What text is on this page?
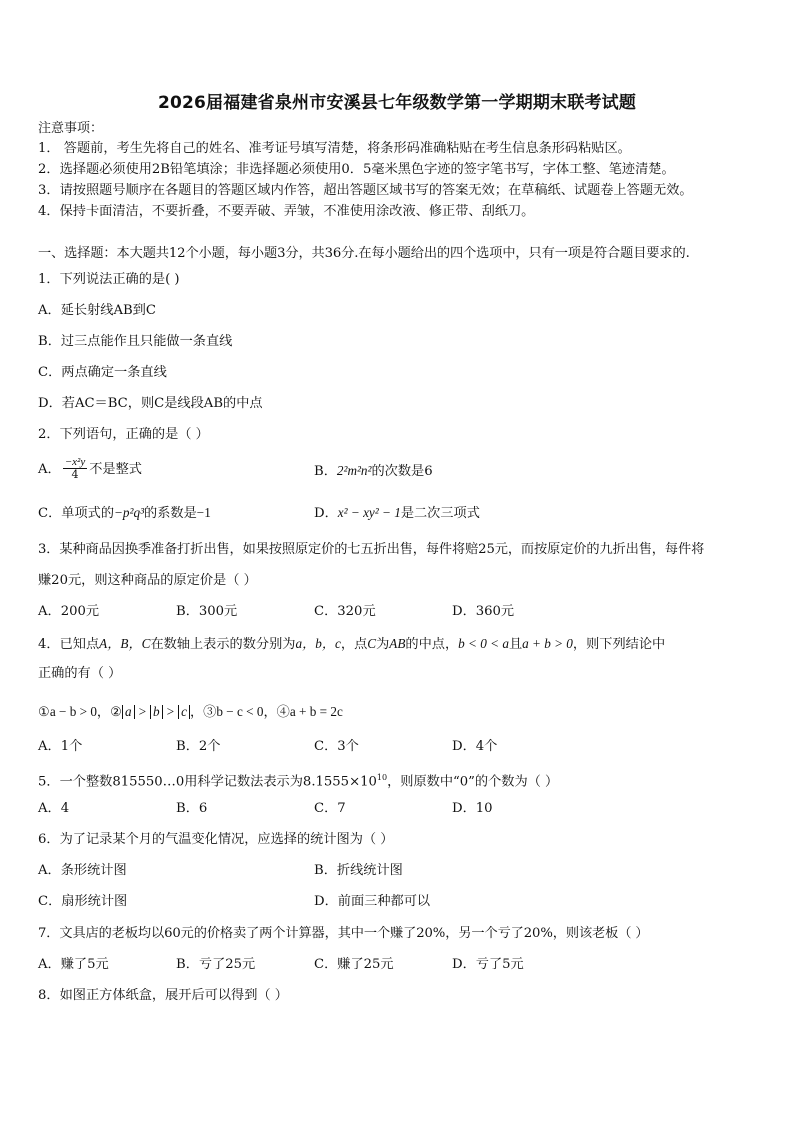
2026届福建省泉州市安溪县七年级数学第一学期期末联考试题
注意事项：
1． 答题前，考生先将自己的姓名、准考证号填写清楚，将条形码准确粘贴在考生信息条形码粘贴区。
2．选择题必须使用2B铅笔填涂；非选择题必须使用0．5毫米黑色字迹的签字笔书写，字体工整、笔迹清楚。
3．请按照题号顺序在各题目的答题区域内作答，超出答题区域书写的答案无效；在草稿纸、试题卷上答题无效。
4．保持卡面清洁，不要折叠，不要弄破、弄皱，不准使用涂改液、修正带、刮纸刀。
一、选择题：本大题共12个小题，每小题3分，共36分.在每小题给出的四个选项中，只有一项是符合题目要求的.
1．下列说法正确的是( )
A．延长射线AB到C
B．过三点能作且只能做一条直线
C．两点确定一条直线
D．若AC＝BC，则C是线段AB的中点
2．下列语句，正确的是（ ）
A． $\frac{\text{−x²y}}{4}$ 不是整式	B．2²m²n²的次数是6
C．单项式的−p²q³的系数是−1	D．x² − xy² − 1是二次三项式
3．某种商品因换季准备打折出售，如果按照原定价的七五折出售，每件将赔25元，而按原定价的九折出售，每件将
赚20元，则这种商品的原定价是（ ）
A．200元	B．300元	C．320元	D．360元
4．已知点A，B，C在数轴上表示的数分别为a，b，c，点C为AB的中点，b < 0 < a且a + b > 0，则下列结论中
正确的有（ ）
①a − b > 0，② a > b > c ，③b − c < 0，④a + b = 2c
A．1个	B．2个	C．3个	D．4个
5．一个整数815550…0用科学记数法表示为$8.1555\times 10^{10}$，则原数中“0”的个数为（ ）
A．4	B．6	C．7	D．10
6．为了记录某个月的气温变化情况，应选择的统计图为（ ）
A．条形统计图	B．折线统计图
C．扇形统计图	D．前面三种都可以
7．文具店的老板均以60元的价格卖了两个计算器，其中一个赚了20%，另一个亏了20%，则该老板（ ）
A．赚了5元	B．亏了25元	C．赚了25元	D．亏了5元
8．如图正方体纸盒，展开后可以得到（ ）
